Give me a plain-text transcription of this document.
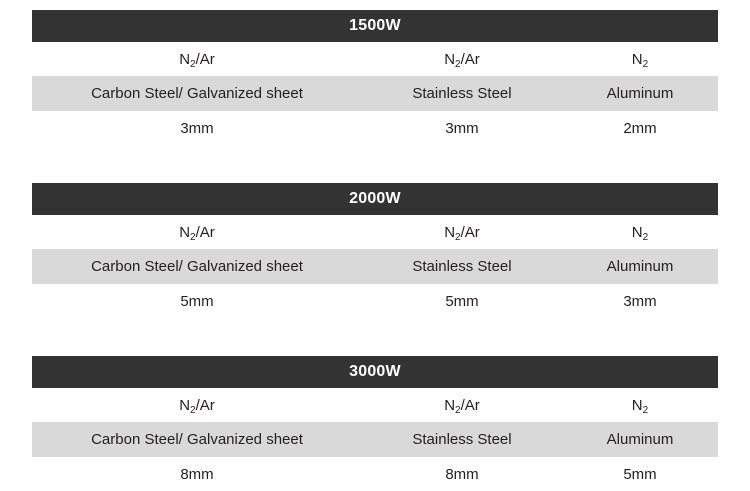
1500W		
$N_2/Ar$	$N_2/Ar$	$N_2$
Carbon Steel/ Galvanized sheet	Stainless Steel	Aluminum
3mm	3mm	2mm
2000W		
$N_2/Ar$	$N_2/Ar$	$N_2$
Carbon Steel/ Galvanized sheet	Stainless Steel	Aluminum
5mm	5mm	3mm
3000W		
$N_2/Ar$	$N_2/Ar$	$N_2$
Carbon Steel/ Galvanized sheet	Stainless Steel	Aluminum
8mm	8mm	5mm
